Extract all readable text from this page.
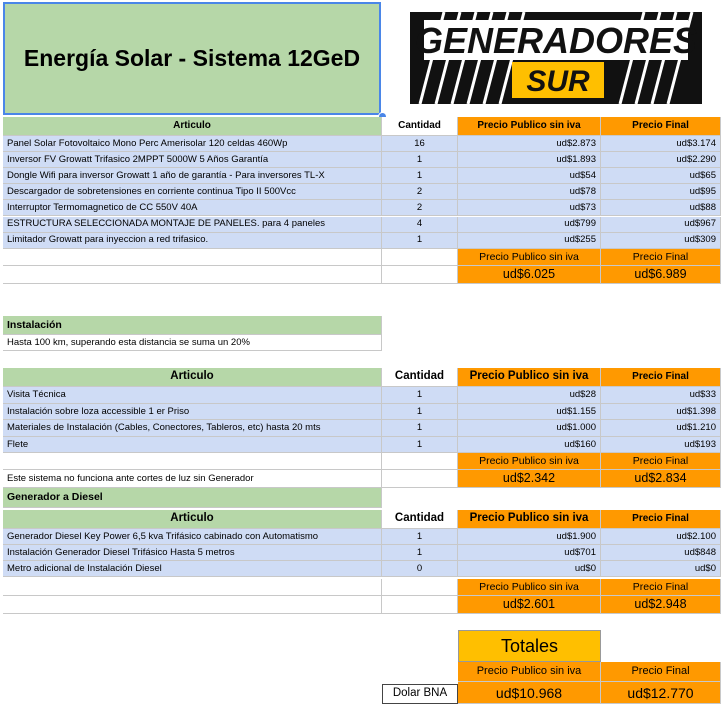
Energía Solar - Sistema 12GeD	GENERADORES
SUR
Articulo	Cantidad	Precio Publico sin iva	Precio Final
Panel Solar Fotovoltaico Mono Perc Amerisolar 120 celdas 460Wp	16	ud$2.873	ud$3.174
Inversor FV Growatt Trifasico 2MPPT 5000W 5 Años Garantía	1	ud$1.893	ud$2.290
Dongle Wifi para inversor Growatt 1 año de garantía - Para inversores TL-X	1	ud$54	ud$65
Descargador de sobretensiones en corriente continua Tipo II 500Vcc	2	ud$78	ud$95
Interruptor Termomagnetico de CC 550V 40A	2	ud$73	ud$88
ESTRUCTURA SELECCIONADA MONTAJE DE PANELES. para 4 paneles	4	ud$799	ud$967
Limitador Growatt para inyeccion a red trifasico.	1	ud$255	ud$309
Precio Publico sin iva	Precio Final
ud$6.025	ud$6.989
Instalación
Hasta 100 km, superando esta distancia se suma un 20%
Articulo	Cantidad	Precio Publico sin iva	Precio Final
Visita Técnica	1	ud$28	ud$33
Instalación sobre loza accessible 1 er Priso	1	ud$1.155	ud$1.398
Materiales de Instalación (Cables, Conectores, Tableros, etc) hasta 20 mts	1	ud$1.000	ud$1.210
Flete	1	ud$160	ud$193
Precio Publico sin iva	Precio Final
Este sistema no funciona ante cortes de luz sin Generador	ud$2.342	ud$2.834
Generador a Diesel
Articulo	Cantidad	Precio Publico sin iva	Precio Final
Generador Diesel Key Power 6,5 kva Trifásico cabinado con Automatismo	1	ud$1.900	ud$2.100
Instalación Generador Diesel Trifásico Hasta 5 metros	1	ud$701	ud$848
Metro adicional de Instalación Diesel	0	ud$0	ud$0
Precio Publico sin iva	Precio Final
ud$2.601	ud$2.948
Totales
Precio Publico sin iva	Precio Final
Dolar BNA	ud$10.968	ud$12.770
